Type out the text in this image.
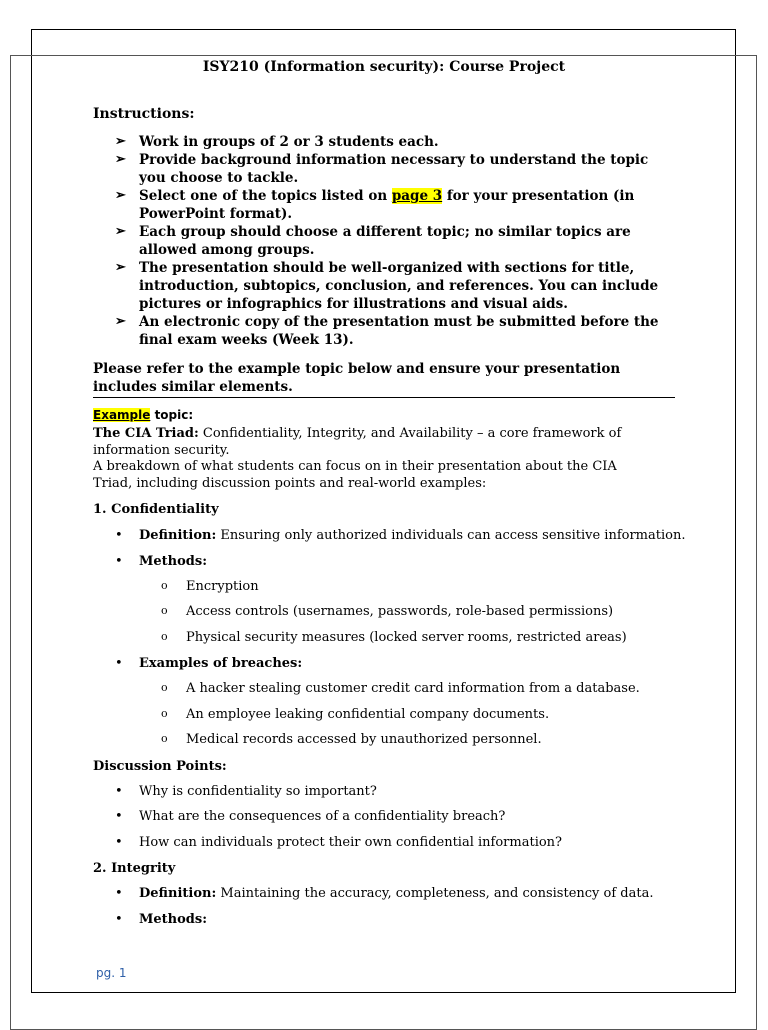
ISY210 (Information security): Course Project
Instructions:
➢ Work in groups of 2 or 3 students each.
➢ Provide background information necessary to understand the topic you choose to tackle.
➢ Select one of the topics listed on page 3 for your presentation (in PowerPoint format).
➢ Each group should choose a different topic; no similar topics are allowed among groups.
➢ The presentation should be well-organized with sections for title, introduction, subtopics, conclusion, and references. You can include pictures or infographics for illustrations and visual aids.
➢ An electronic copy of the presentation must be submitted before the final exam weeks (Week 13).
Please refer to the example topic below and ensure your presentation includes similar elements.
Example topic:
The CIA Triad: Confidentiality, Integrity, and Availability – a core framework of information security.
A breakdown of what students can focus on in their presentation about the CIA Triad, including discussion points and real-world examples:
1. Confidentiality
• Definition: Ensuring only authorized individuals can access sensitive information.
• Methods:
o Encryption
o Access controls (usernames, passwords, role-based permissions)
o Physical security measures (locked server rooms, restricted areas)
• Examples of breaches:
o A hacker stealing customer credit card information from a database.
o An employee leaking confidential company documents.
o Medical records accessed by unauthorized personnel.
Discussion Points:
• Why is confidentiality so important?
• What are the consequences of a confidentiality breach?
• How can individuals protect their own confidential information?
2. Integrity
• Definition: Maintaining the accuracy, completeness, and consistency of data.
• Methods:
pg. 1
